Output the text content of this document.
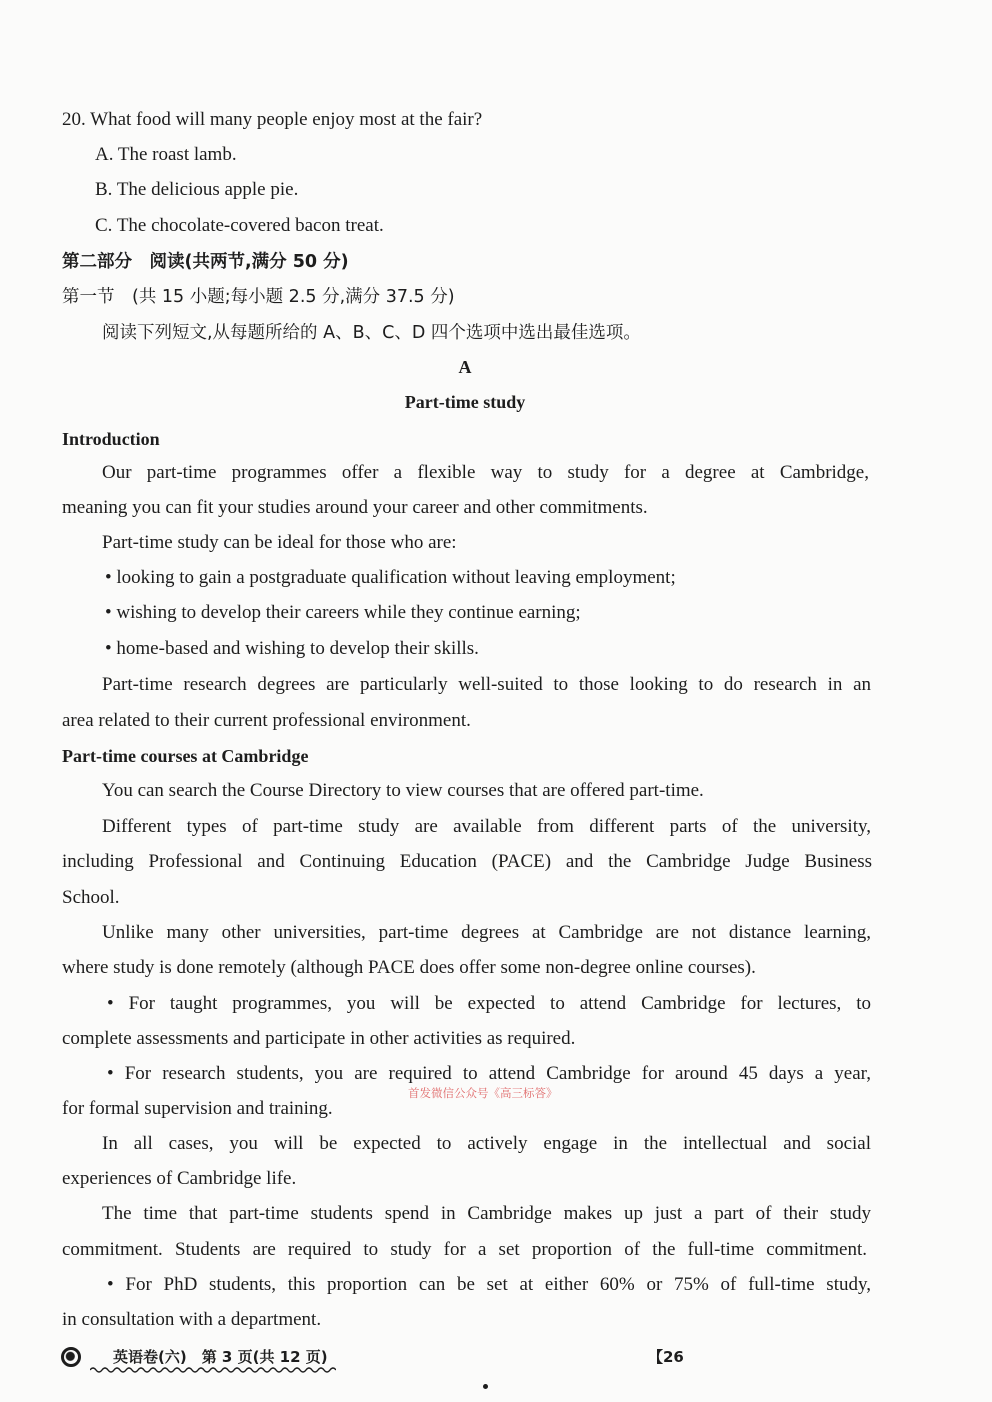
20. What food will many people enjoy most at the fair?
A. The roast lamb.
B. The delicious apple pie.
C. The chocolate-covered bacon treat.
第二部分　阅读(共两节,满分 50 分)
第一节　(共 15 小题;每小题 2.5 分,满分 37.5 分)
阅读下列短文,从每题所给的 A、B、C、D 四个选项中选出最佳选项。
A
Part-time study
Introduction
Our part-time programmes offer a flexible way to study for a degree at Cambridge,
meaning you can fit your studies around your career and other commitments.
Part-time study can be ideal for those who are:
• looking to gain a postgraduate qualification without leaving employment;
• wishing to develop their careers while they continue earning;
• home-based and wishing to develop their skills.
Part-time research degrees are particularly well-suited to those looking to do research in an
area related to their current professional environment.
Part-time courses at Cambridge
You can search the Course Directory to view courses that are offered part-time.
Different types of part-time study are available from different parts of the university,
including Professional and Continuing Education (PACE) and the Cambridge Judge Business
School.
Unlike many other universities, part-time degrees at Cambridge are not distance learning,
where study is done remotely (although PACE does offer some non-degree online courses).
• For taught programmes, you will be expected to attend Cambridge for lectures, to
complete assessments and participate in other activities as required.
• For research students, you are required to attend Cambridge for around 45 days a year,
for formal supervision and training.
首发微信公众号《高三标答》
In all cases, you will be expected to actively engage in the intellectual and social
experiences of Cambridge life.
The time that part-time students spend in Cambridge makes up just a part of their study
commitment. Students are required to study for a set proportion of the full-time commitment.
• For PhD students, this proportion can be set at either 60% or 75% of full-time study,
in consultation with a department.
英语卷(六)　第 3 页(共 12 页)	【26
